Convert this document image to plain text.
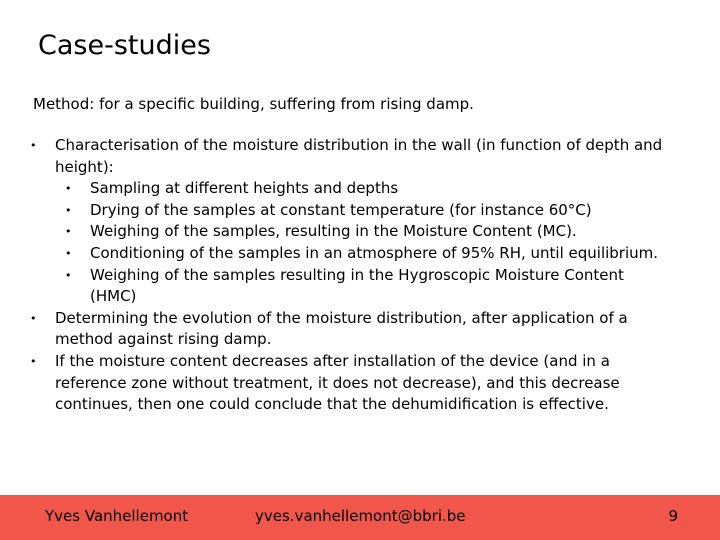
Case-studies

Method: for a specific building, suffering from rising damp.

• Characterisation of the moisture distribution in the wall (in function of depth and height):
• Sampling at different heights and depths
• Drying of the samples at constant temperature (for instance 60°C)
• Weighing of the samples, resulting in the Moisture Content (MC).
• Conditioning of the samples in an atmosphere of 95% RH, until equilibrium.
• Weighing of the samples resulting in the Hygroscopic Moisture Content (HMC)
• Determining the evolution of the moisture distribution, after application of a method against rising damp.
• If the moisture content decreases after installation of the device (and in a reference zone without treatment, it does not decrease), and this decrease continues, then one could conclude that the dehumidification is effective.
Yves Vanhellemont	yves.vanhellemont@bbri.be	9
